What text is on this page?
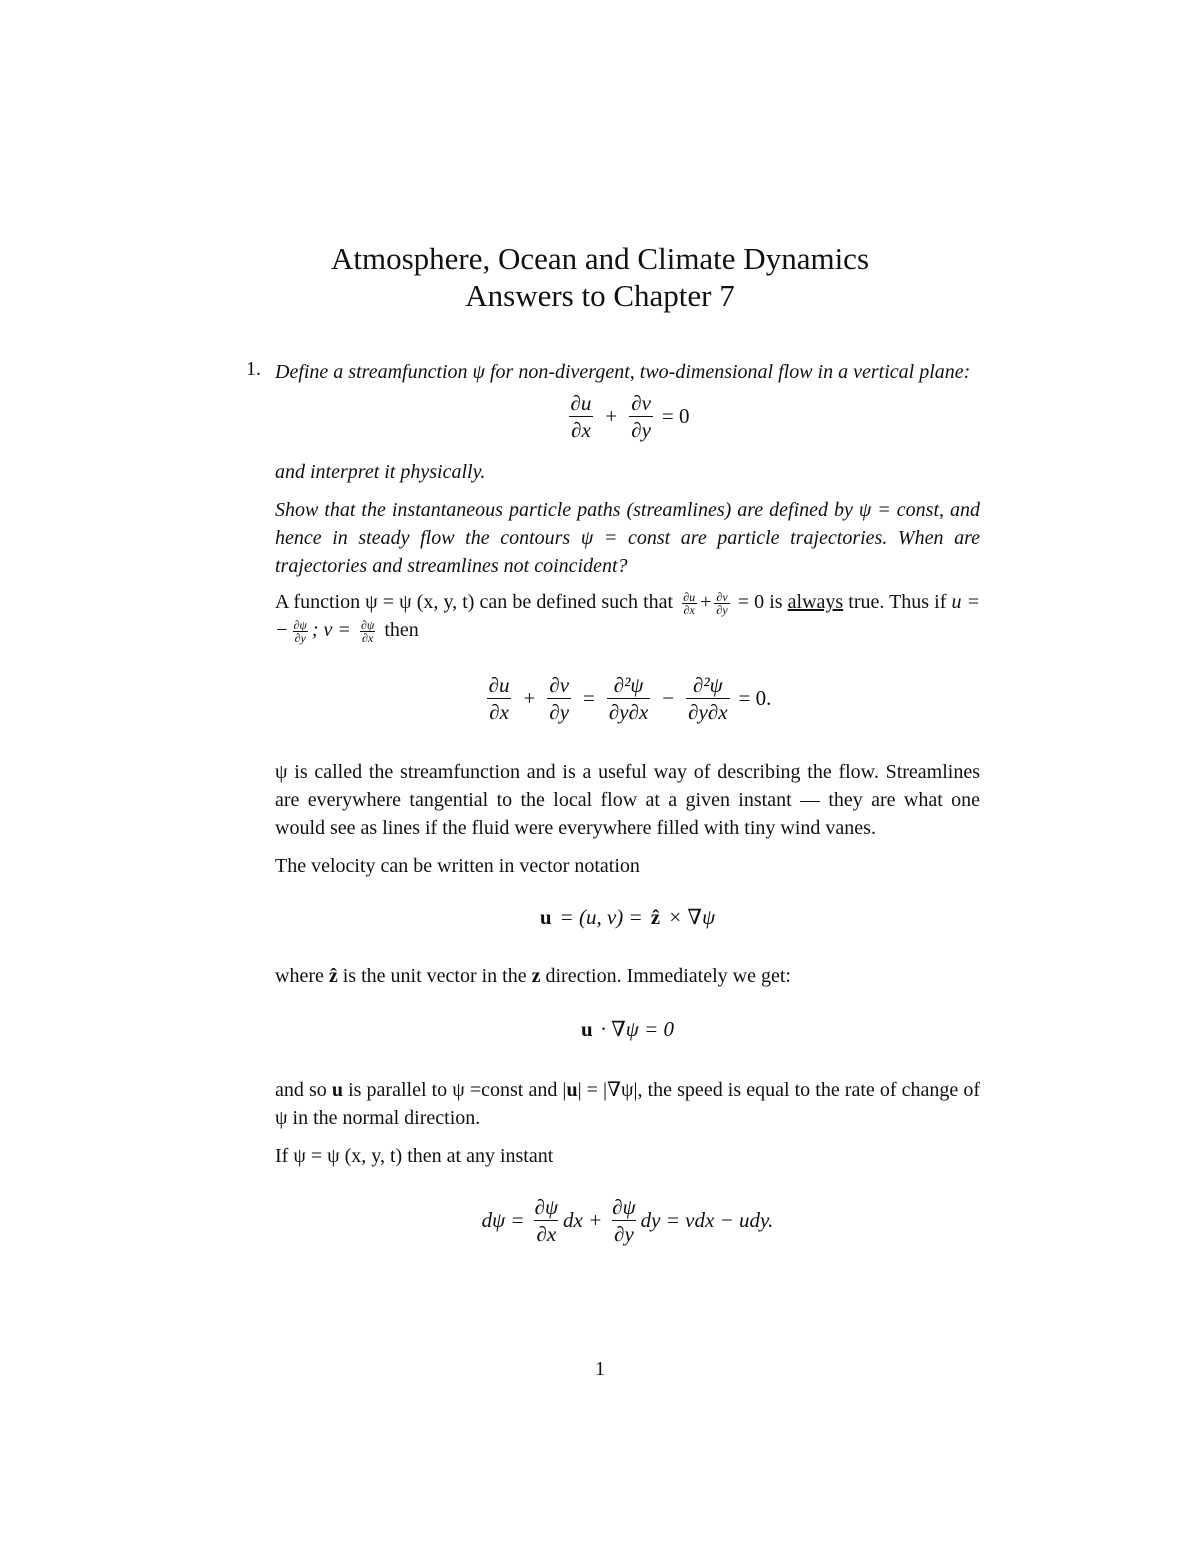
Atmosphere, Ocean and Climate Dynamics
Answers to Chapter 7
1. Define a streamfunction ψ for non-divergent, two-dimensional flow in a vertical plane:

$\frac{\partial u}{\partial x} + \frac{\partial v}{\partial y} = 0$

and interpret it physically.

Show that the instantaneous particle paths (streamlines) are defined by ψ = const, and hence in steady flow the contours ψ = const are particle trajectories. When are trajectories and streamlines not coincident?

A function ψ = ψ (x, y, t) can be defined such that $\frac{\partial u}{\partial x} + \frac{\partial v}{\partial y} = 0$ is always true. Thus if u = − $\frac{\partial\psi}{\partial y}$ ; $v = \frac{\partial\psi}{\partial x}$ then

$\frac{\partial u}{\partial x} + \frac{\partial v}{\partial y} = \frac{\text{∂²ψ}}{\partial y\partial x} - \frac{\text{∂²ψ}}{\partial y\partial x} = 0$.

ψ is called the streamfunction and is a useful way of describing the flow. Streamlines are everywhere tangential to the local flow at a given instant — they are what one would see as lines if the fluid were everywhere filled with tiny wind vanes.

The velocity can be written in vector notation

u = (u, v) = ẑ × ∇ψ

where ẑ is the unit vector in the z direction. Immediately we get:

u · ∇ψ = 0

and so u is parallel to ψ =const and |u| = |∇ψ|, the speed is equal to the rate of change of ψ in the normal direction.

If ψ = ψ (x, y, t) then at any instant

$d\psi = \frac{\partial\psi}{\partial x}$ dx + $\frac{\partial\psi}{\partial y}$ dy = vdx − udy.
1
